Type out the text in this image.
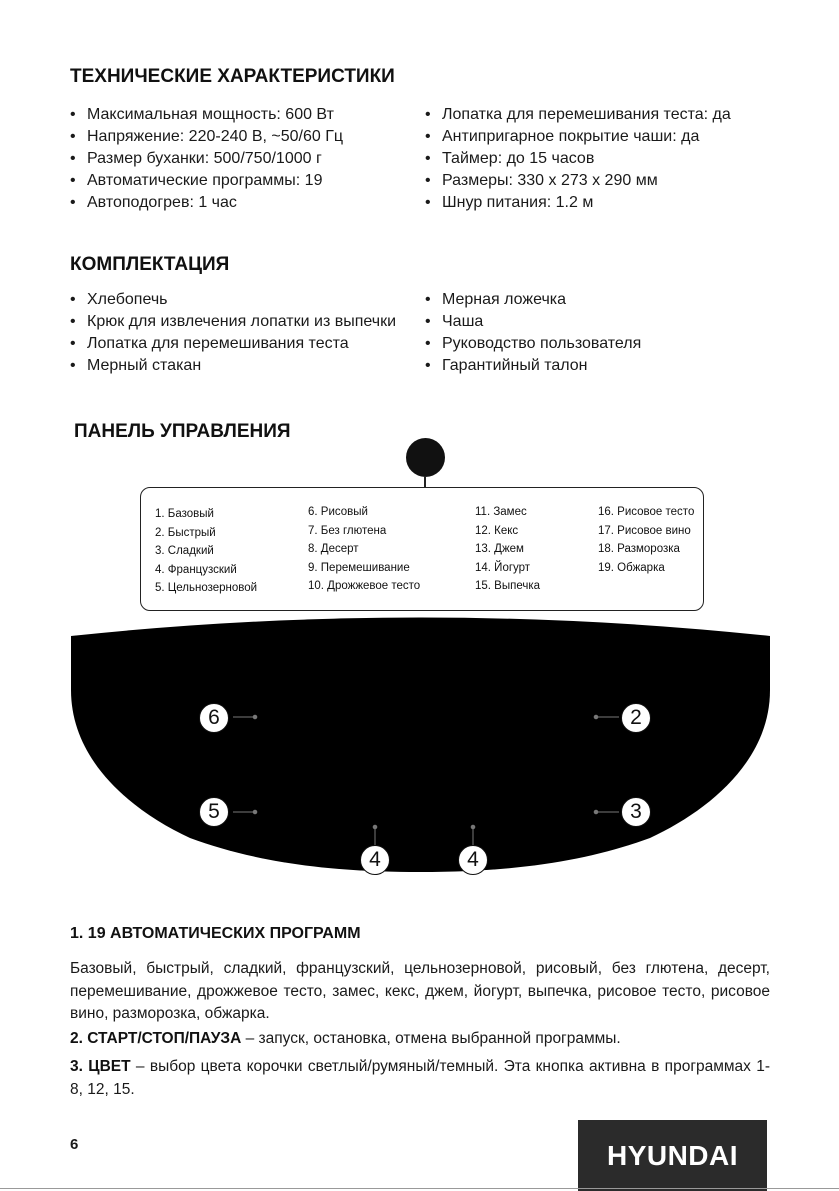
ТЕХНИЧЕСКИЕ ХАРАКТЕРИСТИКИ
• Максимальная мощность: 600 Вт
• Напряжение: 220-240 В, ~50/60 Гц
• Размер буханки: 500/750/1000 г
• Автоматические программы: 19
• Автоподогрев: 1 час
• Лопатка для перемешивания теста: да
• Антипригарное покрытие чаши: да
• Таймер: до 15 часов
• Размеры: 330 x 273 x 290 мм
• Шнур питания: 1.2 м
КОМПЛЕКТАЦИЯ
• Хлебопечь
• Крюк для извлечения лопатки из выпечки
• Лопатка для перемешивания теста
• Мерный стакан
• Мерная ложечка
• Чаша
• Руководство пользователя
• Гарантийный талон
ПАНЕЛЬ УПРАВЛЕНИЯ
1. Базовый
2. Быстрый
3. Сладкий
4. Французский
5. Цельнозерновой
6. Рисовый
7. Без глютена
8. Десерт
9. Перемешивание
10. Дрожжевое тесто
11. Замес
12. Кекс
13. Джем
14. Йогурт
15. Выпечка
16. Рисовое тесто
17. Рисовое вино
18. Разморозка
19. Обжарка
6
5
4	4
2
3
1. 19 АВТОМАТИЧЕСКИХ ПРОГРАММ

Базовый, быстрый, сладкий, французский, цельнозерновой, рисовый, без глютена, десерт, перемешивание, дрожжевое тесто, замес, кекс, джем, йогурт, выпечка, рисовое тесто, рисовое вино, разморозка, обжарка.

2. СТАРТ/СТОП/ПАУЗА – запуск, остановка, отмена выбранной программы.

3. ЦВЕТ – выбор цвета корочки светлый/румяный/темный. Эта кнопка активна в программах 1-8, 12, 15.

6	HYUNDAI
